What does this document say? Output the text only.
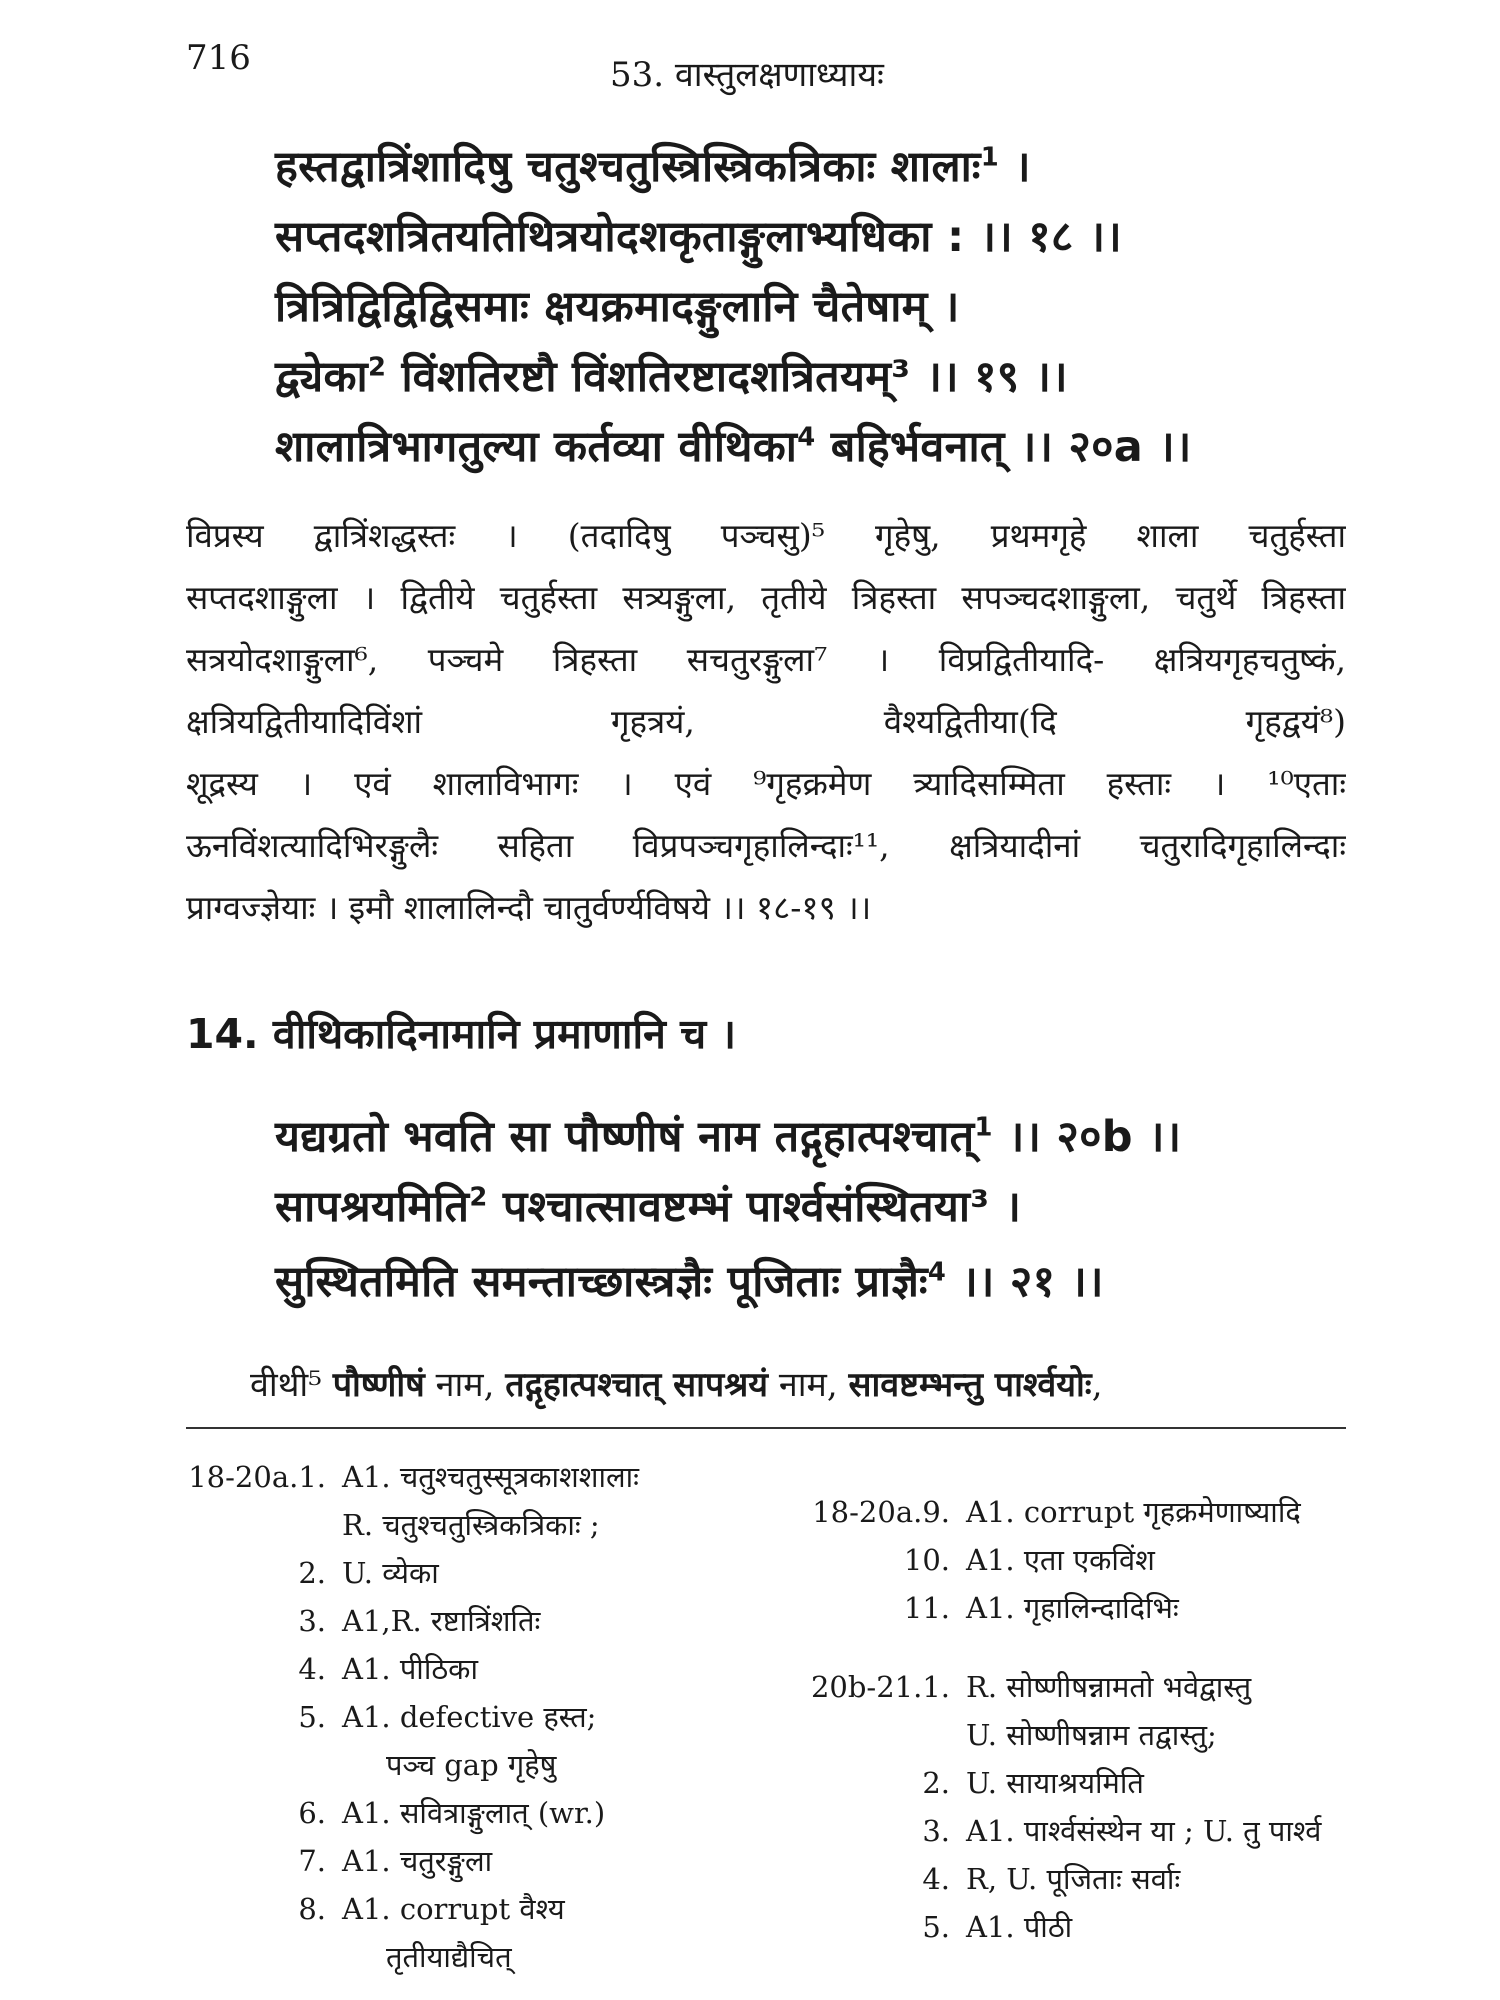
716	53. वास्तुलक्षणाध्यायः
हस्तद्वात्रिंशादिषु चतुश्चतुस्त्रिस्त्रिकत्रिकाः शालाः$^1$ ।
सप्तदशत्रितयतिथित्रयोदशकृताङ्गुलाभ्यधिका : ।। १८ ।।
त्रित्रिद्विद्विद्विसमाः क्षयक्रमादङ्गुलानि चैतेषाम् ।
द्व्येका$^2$ विंशतिरष्टौ विंशतिरष्टादशत्रितयम्³ ।। १९ ।।
शालात्रिभागतुल्या कर्तव्या वीथिका$^4$ बहिर्भवनात् ।। २०a ।।
विप्रस्य द्वात्रिंशद्धस्तः । (तदादिषु पञ्चसु)⁵ गृहेषु, प्रथमगृहे शाला चतुर्हस्ता
सप्तदशाङ्गुला । द्वितीये चतुर्हस्ता सत्र्यङ्गुला, तृतीये त्रिहस्ता सपञ्चदशाङ्गुला, चतुर्थे त्रिहस्ता
सत्रयोदशाङ्गुला⁶, पञ्चमे त्रिहस्ता सचतुरङ्गुला⁷ । विप्रद्वितीयादि- क्षत्रियगृहचतुष्कं,
क्षत्रियद्वितीयादिविंशां गृहत्रयं, वैश्यद्वितीया(दि गृहद्वयं⁸)
शूद्रस्य । एवं शालाविभागः । एवं ⁹गृहक्रमेण त्र्यादिसम्मिता हस्ताः । ¹⁰एताः
ऊनविंशत्यादिभिरङ्गुलैः सहिता विप्रपञ्चगृहालिन्दाः¹¹, क्षत्रियादीनां चतुरादिगृहालिन्दाः
प्राग्वज्ज्ञेयाः । इमौ शालालिन्दौ चातुर्वर्ण्यविषये ।। १८-१९ ।।
14. वीथिकादिनामानि प्रमाणानि च ।
यद्यग्रतो भवति सा पौष्णीषं नाम तद्गृहात्पश्चात्$^1$ ।। २०b ।।
सापश्रयमिति$^2$ पश्चात्सावष्टम्भं पार्श्वसंस्थितया³ ।
सुस्थितमिति समन्ताच्छास्त्रज्ञैः पूजिताः प्राज्ञैः$^4$ ।। २१ ।।
वीथी⁵ पौष्णीषं नाम, तद्गृहात्पश्चात् सापश्रयं नाम, सावष्टम्भन्तु पार्श्वयोः,
18-20a.1. A1. चतुश्चतुस्सूत्रकाशशालाः
R. चतुश्चतुस्त्रिकत्रिकाः ;
2. U. व्येका
3. A1,R. रष्टात्रिंशतिः
4. A1. पीठिका
5. A1. defective हस्त;
पञ्च gap गृहेषु
6. A1. सवित्राङ्गुलात् (wr.)
7. A1. चतुरङ्गुला
8. A1. corrupt वैश्य
तृतीयाद्यैचित्
18-20a.9. A1. corrupt गृहक्रमेणाष्यादि
10. A1. एता एकविंश
11. A1. गृहालिन्दादिभिः
20b-21.1. R. सोष्णीषन्नामतो भवेद्वास्तु
U. सोष्णीषन्नाम तद्वास्तु;
2. U. सायाश्रयमिति
3. A1. पार्श्वसंस्थेन या ; U. तु पार्श्व
4. R, U. पूजिताः सर्वाः
5. A1. पीठी
